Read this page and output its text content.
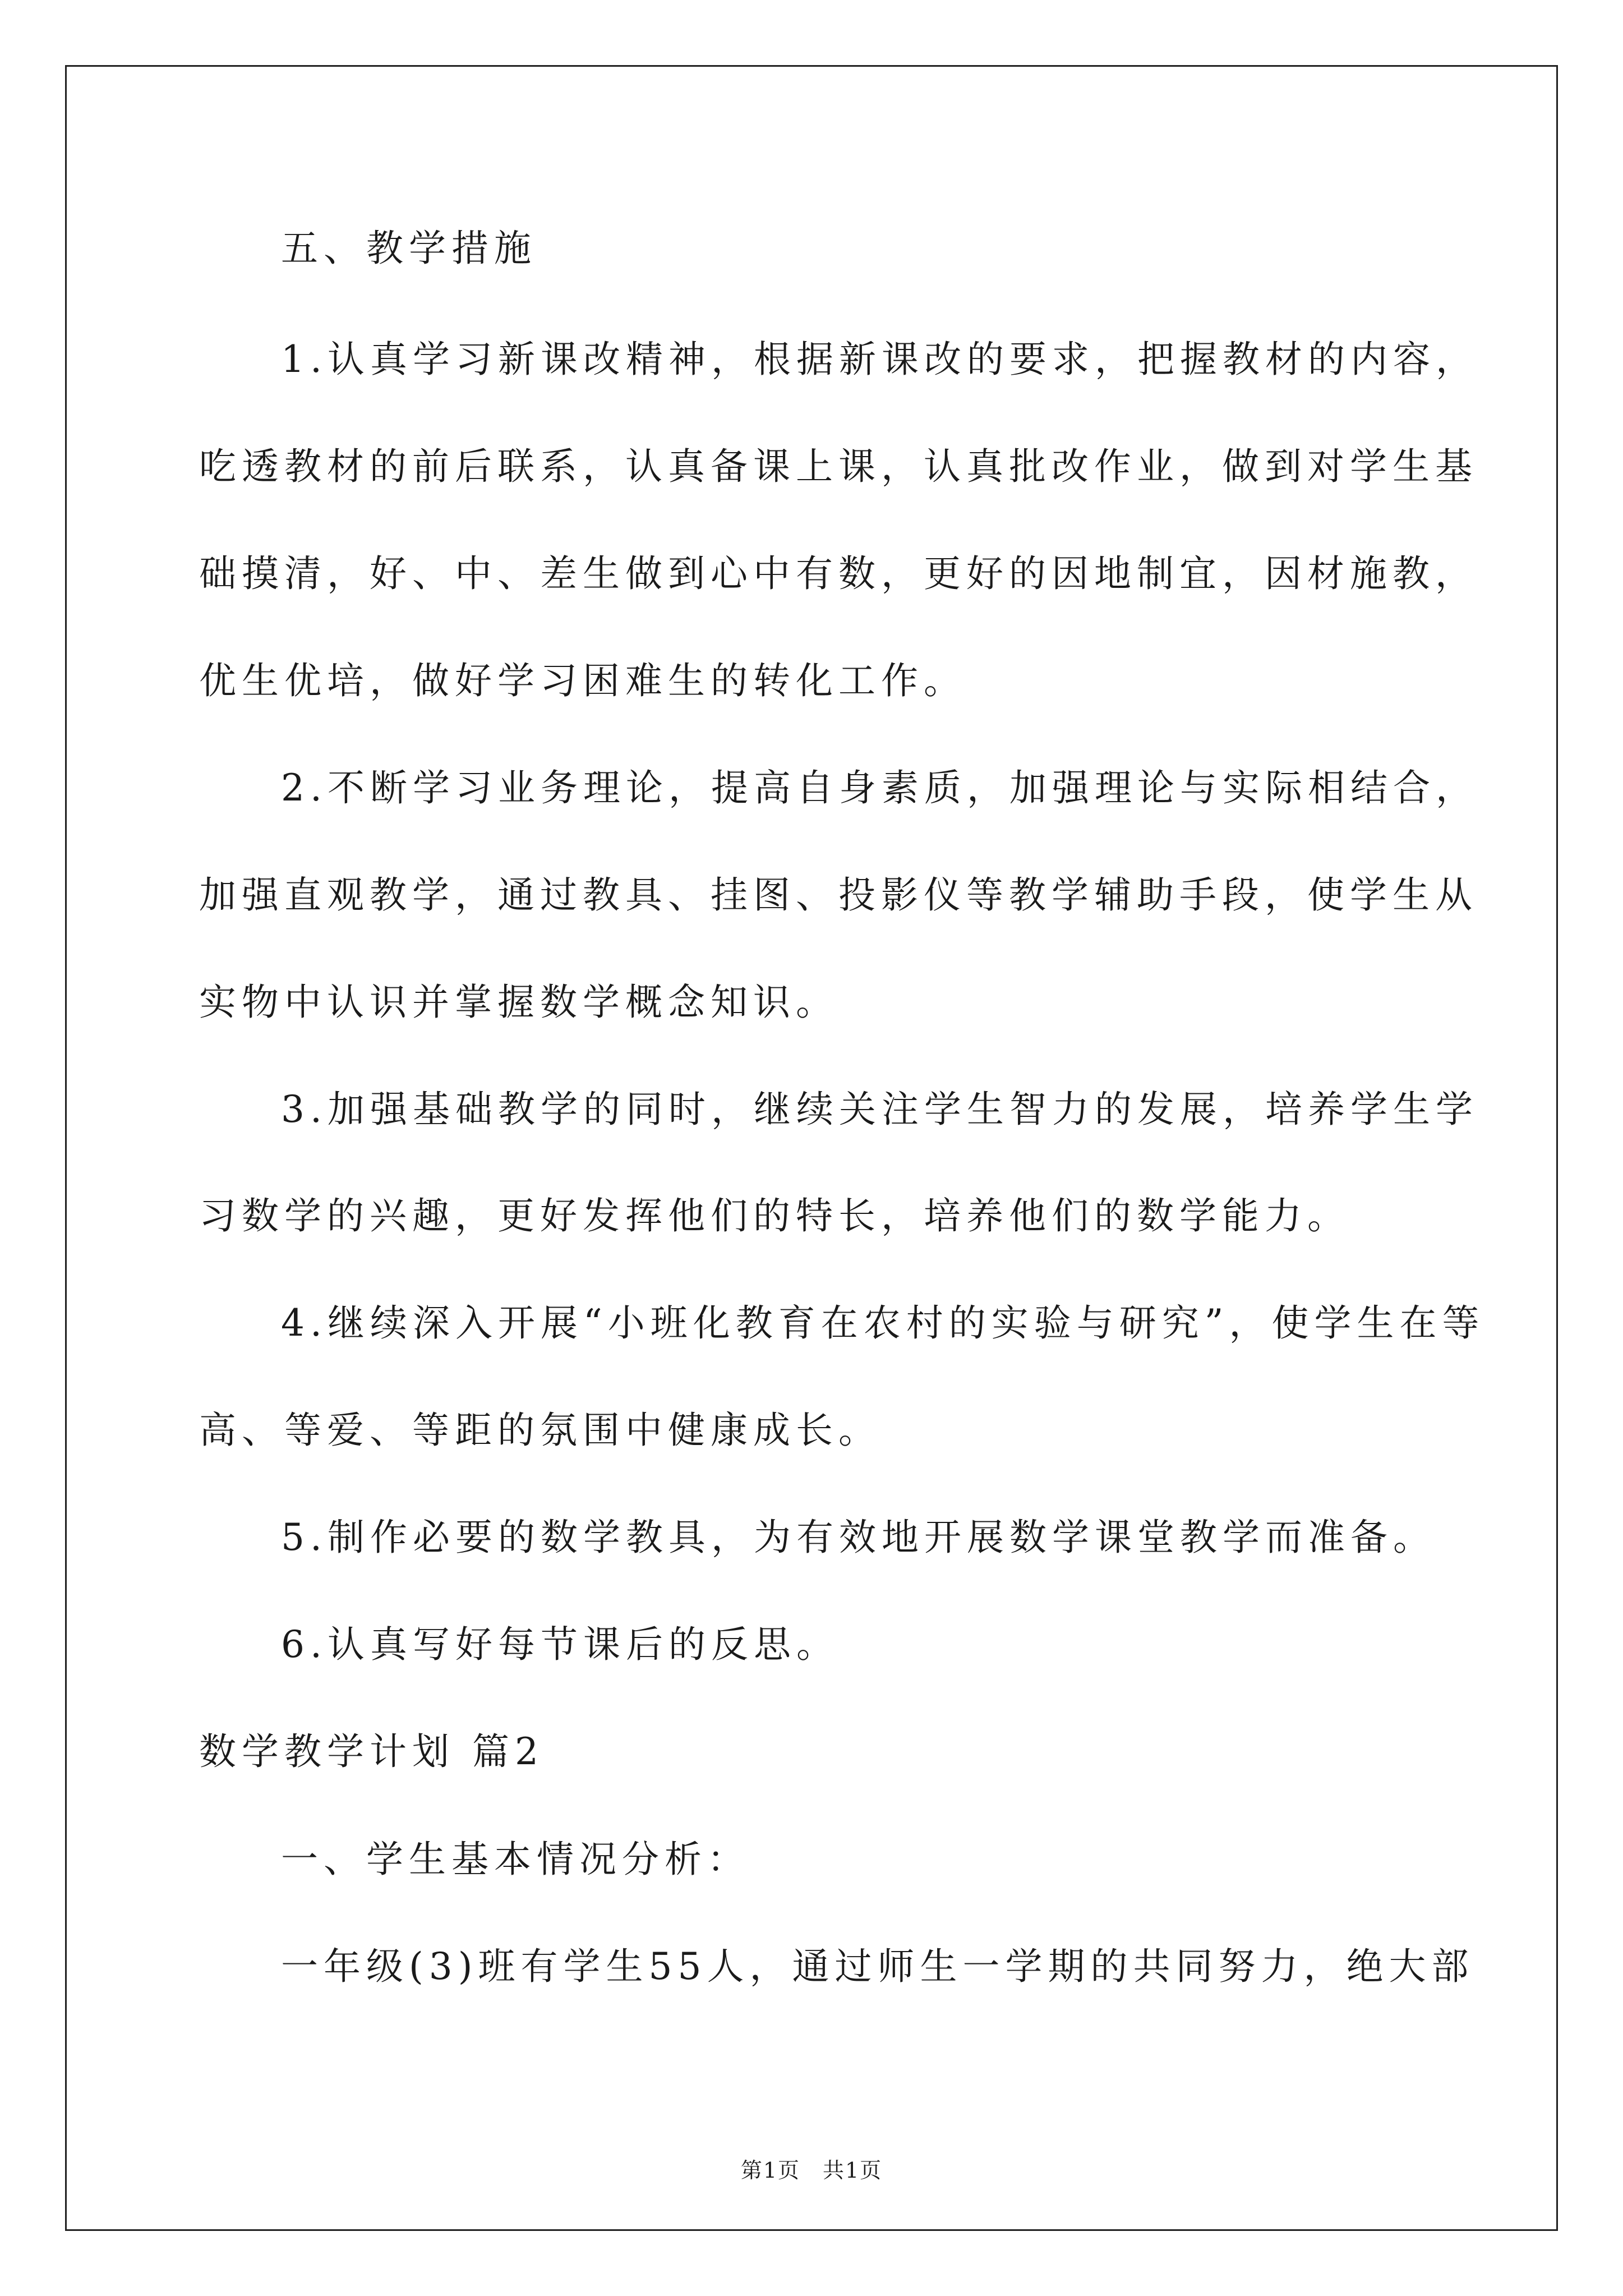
五、教学措施
1.认真学习新课改精神，根据新课改的要求，把握教材的内容，
吃透教材的前后联系，认真备课上课，认真批改作业，做到对学生基
础摸清，好、中、差生做到心中有数，更好的因地制宜，因材施教，
优生优培，做好学习困难生的转化工作。
2.不断学习业务理论，提高自身素质，加强理论与实际相结合，
加强直观教学，通过教具、挂图、投影仪等教学辅助手段，使学生从
实物中认识并掌握数学概念知识。
3.加强基础教学的同时，继续关注学生智力的发展，培养学生学
习数学的兴趣，更好发挥他们的特长，培养他们的数学能力。
4.继续深入开展“小班化教育在农村的实验与研究”，使学生在等
高、等爱、等距的氛围中健康成长。
5.制作必要的数学教具，为有效地开展数学课堂教学而准备。
6.认真写好每节课后的反思。
数学教学计划 篇2
一、学生基本情况分析：
一年级(3)班有学生55人，通过师生一学期的共同努力，绝大部
第1页 共1页
